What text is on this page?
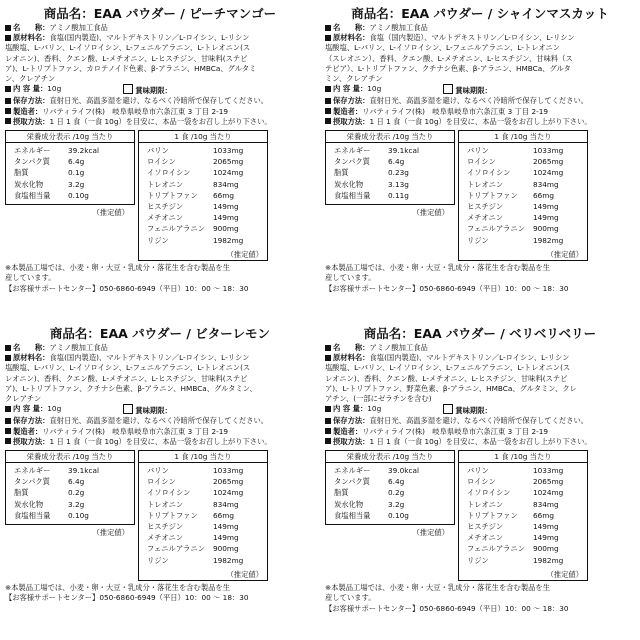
商品名：EAA パウダー / ピーチマンゴー
名　　称：アミノ酸加工食品
原材料名：食塩(国内製造)、マルトデキストリン／L-ロイシン、L-リシン
塩酸塩、L-バリン、L-イソロイシン、L-フェニルアラニン、L-トレオニン(ス
レオニン)、香料、クエン酸、L-メチオニン、L-ヒスチジン、甘味料(ステビ
ア)、L-トリプトファン、カロテノイド色素、β-アラニン、HMBCa、グルタミ
ン、クレアチン
内 容 量：10g	賞味期限：
保存方法：直射日光、高温多湿を避け、なるべく冷暗所で保存してください。
製造者：リバティライフ(株)　岐阜県岐阜市六条江東 3 丁目 2-19
摂取方法：1 日 1 食（一食 10g）を目安に、本品一袋をお召し上がり下さい。
栄養成分表示 /10g 当たり
エネルギー	39.2kcal
タンパク質	6.4g
脂質	0.1g
炭水化物	3.2g
食塩相当量	0.10g
（推定値）
1 食 /10g 当たり
バリン	1033mg
ロイシン	2065mg
イソロイシン	1024mg
トレオニン	834mg
トリプトファン	66mg
ヒスチジン	149mg
メチオニン	149mg
フェニルアラニン	900mg
リジン	1982mg
（推定値）
※本製品工場では、小麦・卵・大豆・乳成分・落花生を含む製品を生
産しています。
【お客様サポートセンター】050-6860-6949（平日）10：00 ～ 18：30
商品名：EAA パウダー / シャインマスカット
名　　称：アミノ酸加工食品
原材料名：食塩（国内製造）、マルトデキストリン／L-ロイシン、L-リシン
塩酸塩、L-バリン、L-イソロイシン、L-フェニルアラニン、L-トレオニン
（スレオニン）、香料、クエン酸、L-メチオニン、L-ヒスチジン、甘味料（ス
テビア）、L-トリプトファン、クチナシ色素、β-アラニン、HMBCa、グルタ
ミン、クレアチン
内 容 量：10g	賞味期限：
保存方法：直射日光、高温多湿を避け、なるべく冷暗所で保存してください。
製造者：リバティライフ(株)　岐阜県岐阜市六条江東 3 丁目 2-19
摂取方法：1 日 1 食（一食 10g）を目安に、本品一袋をお召し上がり下さい。
栄養成分表示 /10g 当たり
エネルギー	39.1kcal
タンパク質	6.4g
脂質	0.23g
炭水化物	3.13g
食塩相当量	0.11g
（推定値）
1 食 /10g 当たり
バリン	1033mg
ロイシン	2065mg
イソロイシン	1024mg
トレオニン	834mg
トリプトファン	66mg
ヒスチジン	149mg
メチオニン	149mg
フェニルアラニン	900mg
リジン	1982mg
（推定値）
※本製品工場では、小麦・卵・大豆・乳成分・落花生を含む製品を生
産しています。
【お客様サポートセンター】050-6860-6949（平日）10：00 ～ 18：30
商品名：EAA パウダー / ビターレモン
名　　称：アミノ酸加工食品
原材料名：食塩(国内製造)、マルトデキストリン／L-ロイシン、L-リシン
塩酸塩、L-バリン、L-イソロイシン、L-フェニルアラニン、L-トレオニン(ス
レオニン)、香料、クエン酸、L-メチオニン、L-ヒスチジン、甘味料(ステビ
ア)、L-トリプトファン、クチナシ色素、β-アラニン、HMBCa、グルタミン、
クレアチン
内 容 量：10g	賞味期限：
保存方法：直射日光、高温多湿を避け、なるべく冷暗所で保存してください。
製造者：リバティライフ(株)　岐阜県岐阜市六条江東 3 丁目 2-19
摂取方法：1 日 1 食（一食 10g）を目安に、本品一袋をお召し上がり下さい。
栄養成分表示 /10g 当たり
エネルギー	39.1kcal
タンパク質	6.4g
脂質	0.2g
炭水化物	3.2g
食塩相当量	0.10g
（推定値）
1 食 /10g 当たり
バリン	1033mg
ロイシン	2065mg
イソロイシン	1024mg
トレオニン	834mg
トリプトファン	66mg
ヒスチジン	149mg
メチオニン	149mg
フェニルアラニン	900mg
リジン	1982mg
（推定値）
※本製品工場では、小麦・卵・大豆・乳成分・落花生を含む製品を生
【お客様サポートセンター】050-6860-6949（平日）10：00 ～ 18：30
商品名：EAA パウダー / ベリベリベリー
名　　称：アミノ酸加工食品
原材料名：食塩(国内製造)、マルトデキストリン／L-ロイシン、L-リシン
塩酸塩、L-バリン、L-イソロイシン、L-フェニルアラニン、L-トレオニン(ス
レオニン)、香料、クエン酸、L-メチオニン、L-ヒスチジン、甘味料(ステビ
ア)、L-トリプトファン、野菜色素、β-アラニン、HMBCa、グルタミン、クレ
アチン、(一部にゼラチンを含む)
内 容 量：10g	賞味期限：
保存方法：直射日光、高温多湿を避け、なるべく冷暗所で保存してください。
製造者：リバティライフ(株)　岐阜県岐阜市六条江東 3 丁目 2-19
摂取方法：1 日 1 食（一食 10g）を目安に、本品一袋をお召し上がり下さい。
栄養成分表示 /10g 当たり
エネルギー	39.0kcal
タンパク質	6.4g
脂質	0.2g
炭水化物	3.2g
食塩相当量	0.10g
（推定値）
1 食 /10g 当たり
バリン	1033mg
ロイシン	2065mg
イソロイシン	1024mg
トレオニン	834mg
トリプトファン	66mg
ヒスチジン	149mg
メチオニン	149mg
フェニルアラニン	900mg
リジン	1982mg
（推定値）
※本製品工場では、小麦・卵・大豆・乳成分・落花生を含む製品を生
産しています。
【お客様サポートセンター】050-6860-6949（平日）10：00 ～ 18：30
